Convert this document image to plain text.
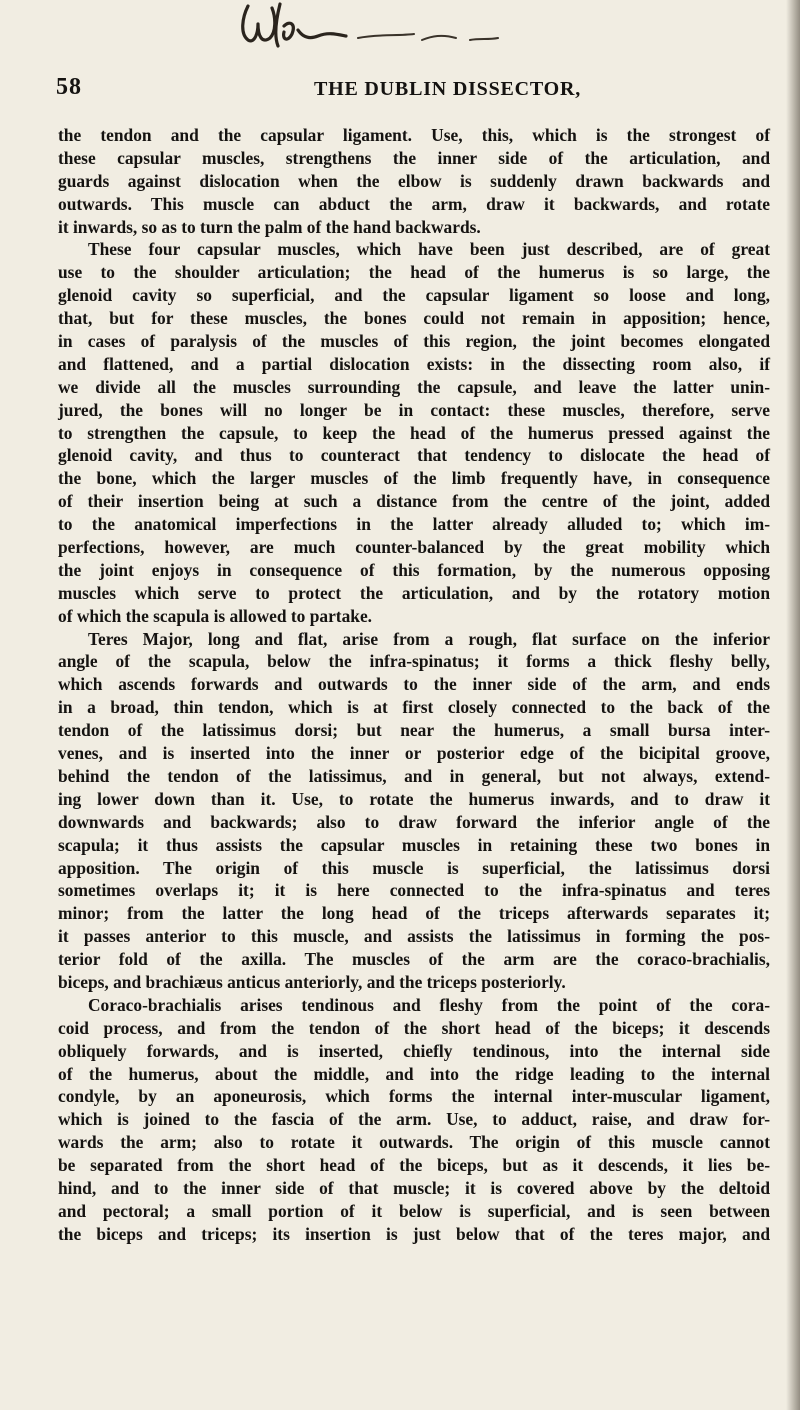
58	THE DUBLIN DISSECTOR,
the tendon and the capsular ligament. Use, this, which is the strongest of
these capsular muscles, strengthens the inner side of the articulation, and
guards against dislocation when the elbow is suddenly drawn backwards and
outwards. This muscle can abduct the arm, draw it backwards, and rotate
it inwards, so as to turn the palm of the hand backwards.
These four capsular muscles, which have been just described, are of great
use to the shoulder articulation; the head of the humerus is so large, the
glenoid cavity so superficial, and the capsular ligament so loose and long,
that, but for these muscles, the bones could not remain in apposition; hence,
in cases of paralysis of the muscles of this region, the joint becomes elongated
and flattened, and a partial dislocation exists: in the dissecting room also, if
we divide all the muscles surrounding the capsule, and leave the latter unin-
jured, the bones will no longer be in contact: these muscles, therefore, serve
to strengthen the capsule, to keep the head of the humerus pressed against the
glenoid cavity, and thus to counteract that tendency to dislocate the head of
the bone, which the larger muscles of the limb frequently have, in consequence
of their insertion being at such a distance from the centre of the joint, added
to the anatomical imperfections in the latter already alluded to; which im-
perfections, however, are much counter-balanced by the great mobility which
the joint enjoys in consequence of this formation, by the numerous opposing
muscles which serve to protect the articulation, and by the rotatory motion
of which the scapula is allowed to partake.
Teres Major, long and flat, arise from a rough, flat surface on the inferior
angle of the scapula, below the infra-spinatus; it forms a thick fleshy belly,
which ascends forwards and outwards to the inner side of the arm, and ends
in a broad, thin tendon, which is at first closely connected to the back of the
tendon of the latissimus dorsi; but near the humerus, a small bursa inter-
venes, and is inserted into the inner or posterior edge of the bicipital groove,
behind the tendon of the latissimus, and in general, but not always, extend-
ing lower down than it. Use, to rotate the humerus inwards, and to draw it
downwards and backwards; also to draw forward the inferior angle of the
scapula; it thus assists the capsular muscles in retaining these two bones in
apposition. The origin of this muscle is superficial, the latissimus dorsi
sometimes overlaps it; it is here connected to the infra-spinatus and teres
minor; from the latter the long head of the triceps afterwards separates it;
it passes anterior to this muscle, and assists the latissimus in forming the pos-
terior fold of the axilla. The muscles of the arm are the coraco-brachialis,
biceps, and brachiæus anticus anteriorly, and the triceps posteriorly.
Coraco-brachialis arises tendinous and fleshy from the point of the cora-
coid process, and from the tendon of the short head of the biceps; it descends
obliquely forwards, and is inserted, chiefly tendinous, into the internal side
of the humerus, about the middle, and into the ridge leading to the internal
condyle, by an aponeurosis, which forms the internal inter-muscular ligament,
which is joined to the fascia of the arm. Use, to adduct, raise, and draw for-
wards the arm; also to rotate it outwards. The origin of this muscle cannot
be separated from the short head of the biceps, but as it descends, it lies be-
hind, and to the inner side of that muscle; it is covered above by the deltoid
and pectoral; a small portion of it below is superficial, and is seen between
the biceps and triceps; its insertion is just below that of the teres major, and
